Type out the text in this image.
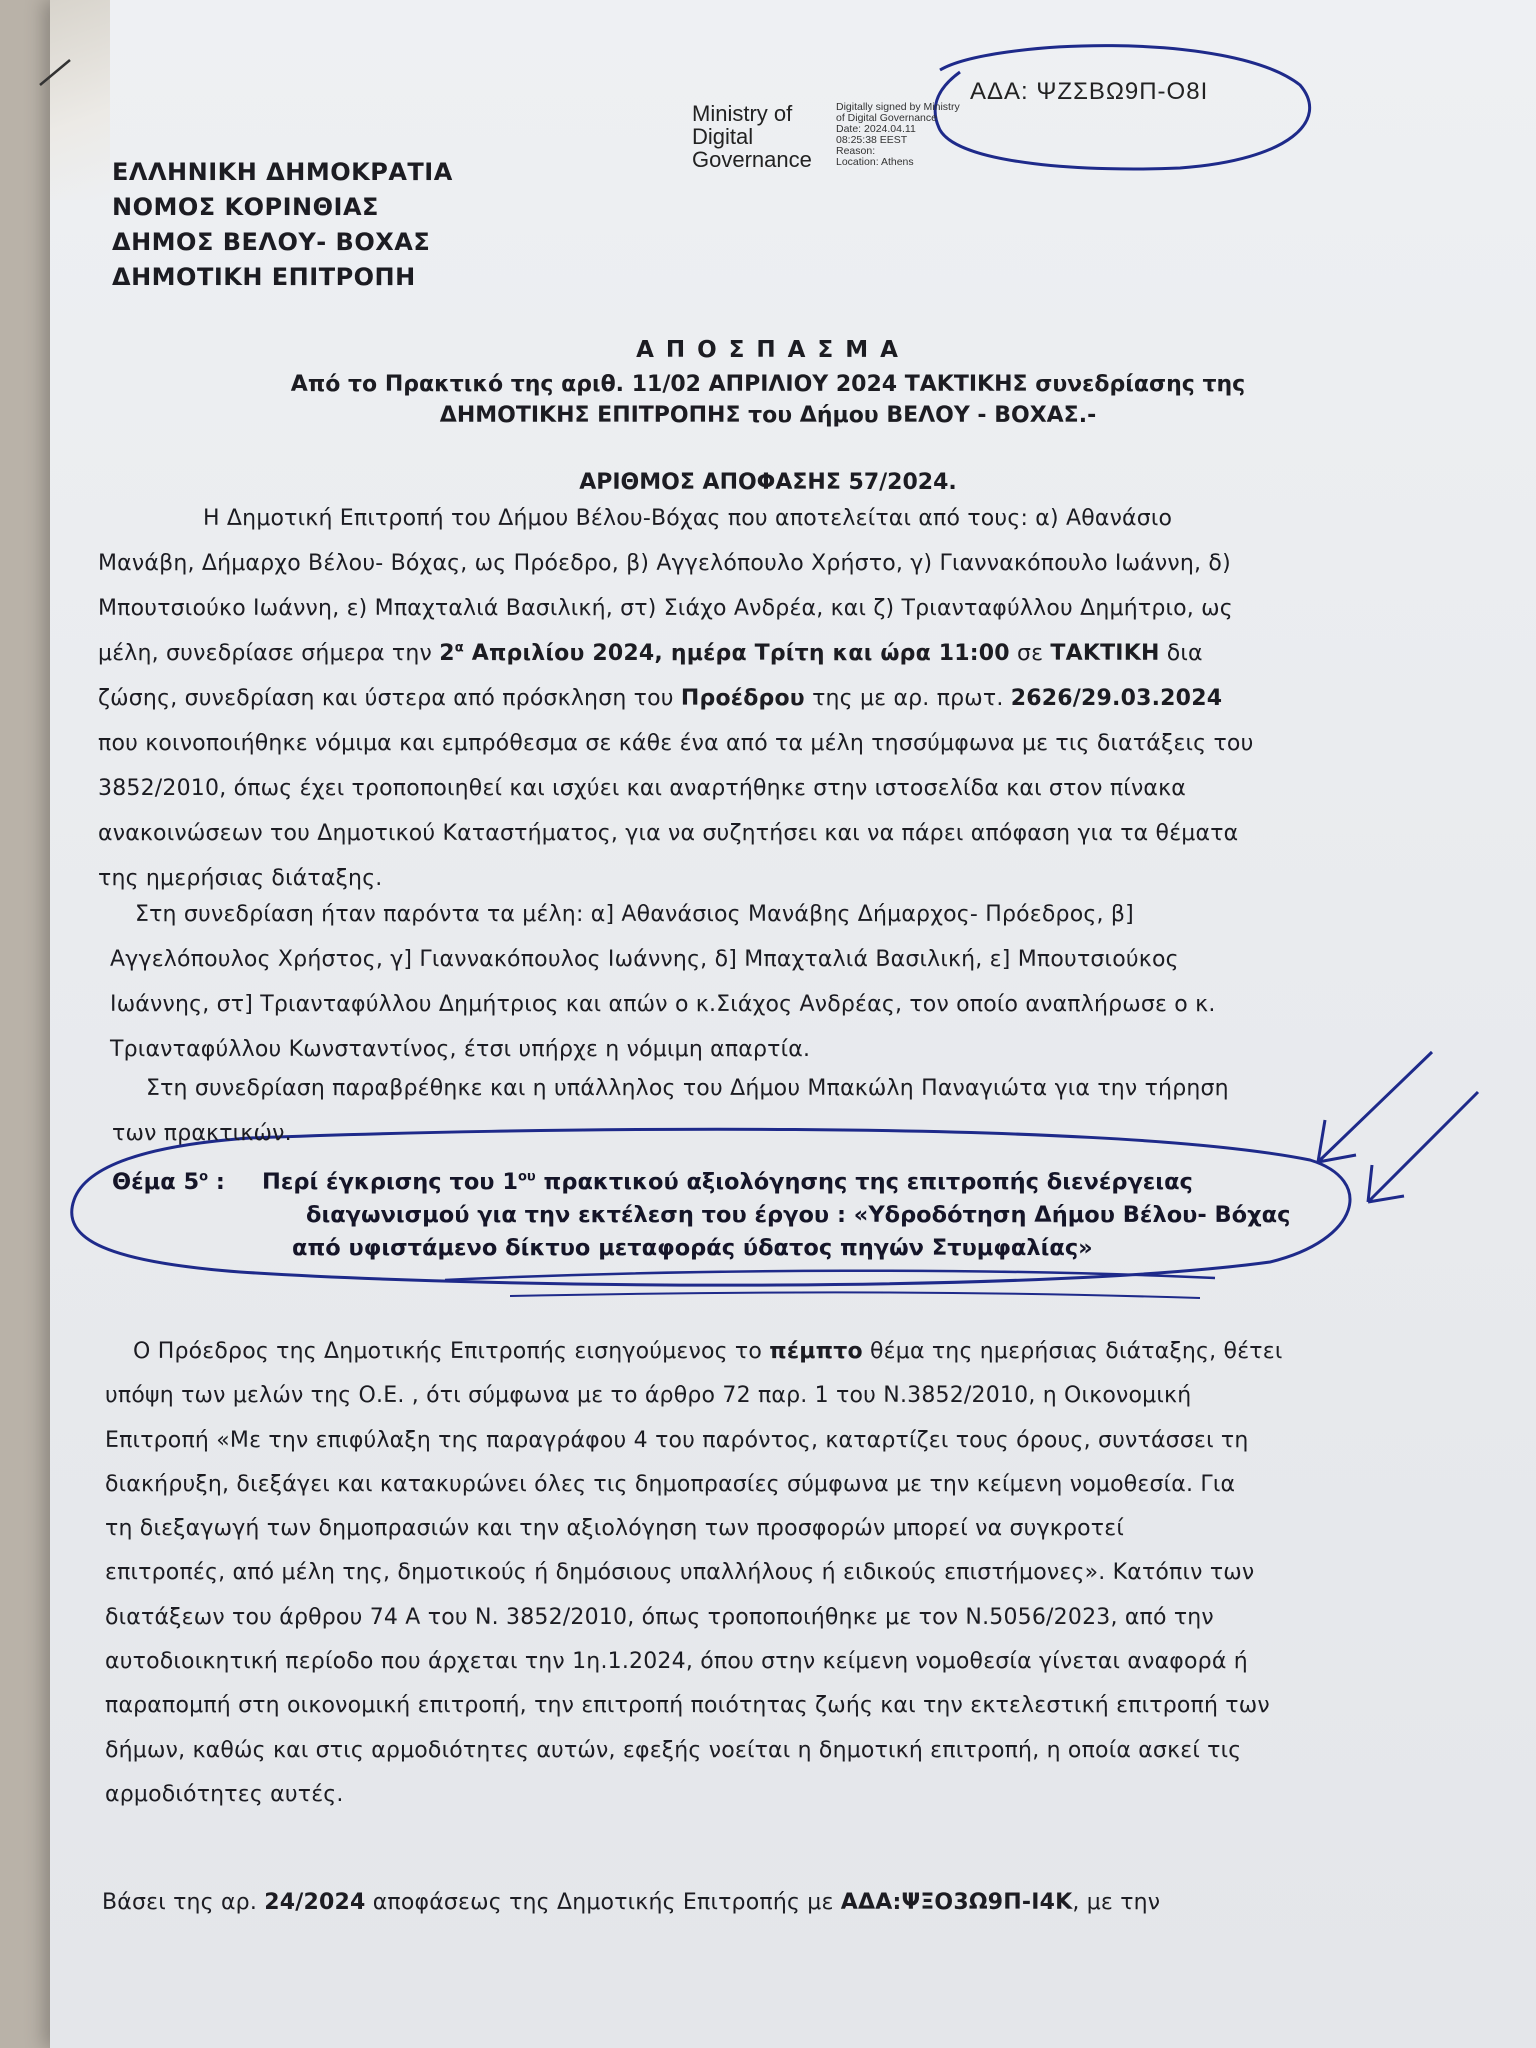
ΕΛΛΗΝΙΚΗ ΔΗΜΟΚΡΑΤΙΑ
ΝΟΜΟΣ ΚΟΡΙΝΘΙΑΣ
ΔΗΜΟΣ ΒΕΛΟΥ- ΒΟΧΑΣ
ΔΗΜΟΤΙΚΗ ΕΠΙΤΡΟΠΗ
Ministry of
Digital
Governance
Digitally signed by Ministry
of Digital Governance
Date: 2024.04.11
08:25:38 EEST
Reason:
Location: Athens
ΑΔΑ: ΨΖΣΒΩ9Π-Ο8Ι
Α Π Ο Σ Π Α Σ Μ Α
Από το Πρακτικό της αριθ. 11/02 ΑΠΡΙΛΙΟΥ 2024 ΤΑΚΤΙΚΗΣ συνεδρίασης της
ΔΗΜΟΤΙΚΗΣ ΕΠΙΤΡΟΠΗΣ του Δήμου ΒΕΛΟΥ - ΒΟΧΑΣ.-
ΑΡΙΘΜΟΣ ΑΠΟΦΑΣΗΣ 57/2024.
Η Δημοτική Επιτροπή του Δήμου Βέλου-Βόχας που αποτελείται από τους: α) Αθανάσιο
Μανάβη, Δήμαρχο Βέλου- Βόχας, ως Πρόεδρο, β) Αγγελόπουλο Χρήστο, γ) Γιαννακόπουλο Ιωάννη, δ)
Μπουτσιούκο Ιωάννη, ε) Μπαχταλιά Βασιλική, στ) Σιάχο Ανδρέα, και ζ) Τριανταφύλλου Δημήτριο, ως
μέλη, συνεδρίασε σήμερα την $2^\alpha$ Απριλίου 2024, ημέρα Τρίτη και ώρα 11:00 σε ΤΑΚΤΙΚΗ δια
ζώσης, συνεδρίαση και ύστερα από πρόσκληση του Προέδρου της με αρ. πρωτ. 2626/29.03.2024
που κοινοποιήθηκε νόμιμα και εμπρόθεσμα σε κάθε ένα από τα μέλη τησσύμφωνα με τις διατάξεις του
3852/2010, όπως έχει τροποποιηθεί και ισχύει και αναρτήθηκε στην ιστοσελίδα και στον πίνακα
ανακοινώσεων του Δημοτικού Καταστήματος, για να συζητήσει και να πάρει απόφαση για τα θέματα
της ημερήσιας διάταξης.
Στη συνεδρίαση ήταν παρόντα τα μέλη: α] Αθανάσιος Μανάβης Δήμαρχος- Πρόεδρος, β]
Αγγελόπουλος Χρήστος, γ] Γιαννακόπουλος Ιωάννης, δ] Μπαχταλιά Βασιλική, ε] Μπουτσιούκος
Ιωάννης, στ] Τριανταφύλλου Δημήτριος και απών ο κ.Σιάχος Ανδρέας, τον οποίο αναπλήρωσε ο κ.
Τριανταφύλλου Κωνσταντίνος, έτσι υπήρχε η νόμιμη απαρτία.
Στη συνεδρίαση παραβρέθηκε και η υπάλληλος του Δήμου Μπακώλη Παναγιώτα για την τήρηση
των πρακτικών.
Θέμα $5^o$ : Περί έγκρισης του $1^{o\upsilon}$ πρακτικού αξιολόγησης της επιτροπής διενέργειας
διαγωνισμού για την εκτέλεση του έργου : «Υδροδότηση Δήμου Βέλου- Βόχας
από υφιστάμενο δίκτυο μεταφοράς ύδατος πηγών Στυμφαλίας»
Ο Πρόεδρος της Δημοτικής Επιτροπής εισηγούμενος το πέμπτο θέμα της ημερήσιας διάταξης, θέτει
υπόψη των μελών της Ο.Ε. , ότι σύμφωνα με το άρθρο 72 παρ. 1 του Ν.3852/2010, η Οικονομική
Επιτροπή «Με την επιφύλαξη της παραγράφου 4 του παρόντος, καταρτίζει τους όρους, συντάσσει τη
διακήρυξη, διεξάγει και κατακυρώνει όλες τις δημοπρασίες σύμφωνα με την κείμενη νομοθεσία. Για
τη διεξαγωγή των δημοπρασιών και την αξιολόγηση των προσφορών μπορεί να συγκροτεί
επιτροπές, από μέλη της, δημοτικούς ή δημόσιους υπαλλήλους ή ειδικούς επιστήμονες». Κατόπιν των
διατάξεων του άρθρου 74 Α του Ν. 3852/2010, όπως τροποποιήθηκε με τον Ν.5056/2023, από την
αυτοδιοικητική περίοδο που άρχεται την 1η.1.2024, όπου στην κείμενη νομοθεσία γίνεται αναφορά ή
παραπομπή στη οικονομική επιτροπή, την επιτροπή ποιότητας ζωής και την εκτελεστική επιτροπή των
δήμων, καθώς και στις αρμοδιότητες αυτών, εφεξής νοείται η δημοτική επιτροπή, η οποία ασκεί τις
αρμοδιότητες αυτές.
Βάσει της αρ. 24/2024 αποφάσεως της Δημοτικής Επιτροπής με ΑΔΑ:ΨΞΟ3Ω9Π-Ι4Κ, με την
